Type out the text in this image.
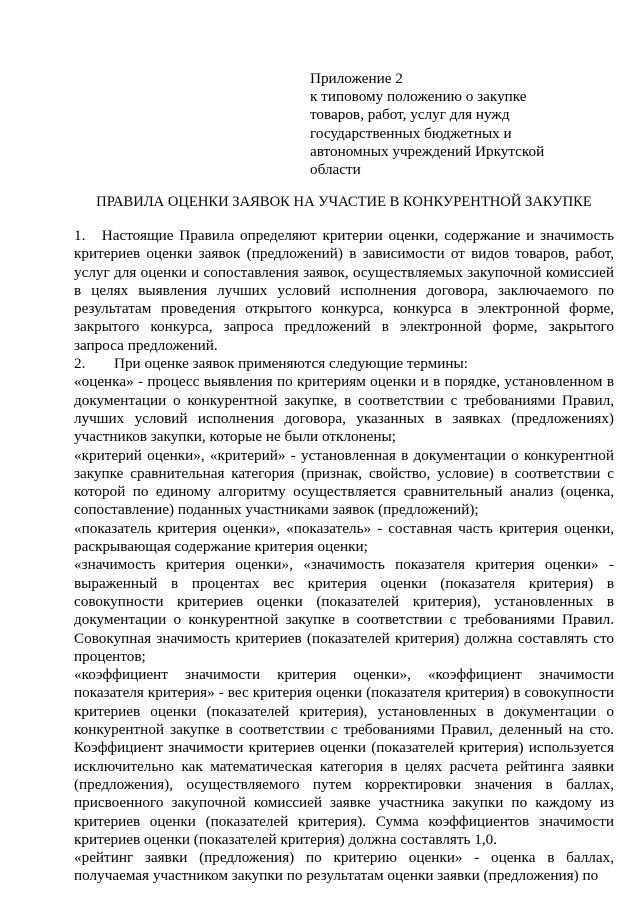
Приложение 2
к типовому положению о закупке
товаров, работ, услуг для нужд
государственных бюджетных и
автономных учреждений Иркутской
области
ПРАВИЛА ОЦЕНКИ ЗАЯВОК НА УЧАСТИЕ В КОНКУРЕНТНОЙ ЗАКУПКЕ

1. Настоящие Правила определяют критерии оценки, содержание и значимость критериев оценки заявок (предложений) в зависимости от видов товаров, работ, услуг для оценки и сопоставления заявок, осуществляемых закупочной комиссией в целях выявления лучших условий исполнения договора, заключаемого по результатам проведения открытого конкурса, конкурса в электронной форме, закрытого конкурса, запроса предложений в электронной форме, закрытого запроса предложений.

2. При оценке заявок применяются следующие термины:

«оценка» - процесс выявления по критериям оценки и в порядке, установленном в документации о конкурентной закупке, в соответствии с требованиями Правил, лучших условий исполнения договора, указанных в заявках (предложениях) участников закупки, которые не были отклонены;

«критерий оценки», «критерий» - установленная в документации о конкурентной закупке сравнительная категория (признак, свойство, условие) в соответствии с которой по единому алгоритму осуществляется сравнительный анализ (оценка, сопоставление) поданных участниками заявок (предложений);

«показатель критерия оценки», «показатель» - составная часть критерия оценки, раскрывающая содержание критерия оценки;

«значимость критерия оценки», «значимость показателя критерия оценки» - выраженный в процентах вес критерия оценки (показателя критерия) в совокупности критериев оценки (показателей критерия), установленных в документации о конкурентной закупке в соответствии с требованиями Правил. Совокупная значимость критериев (показателей критерия) должна составлять сто процентов;

«коэффициент значимости критерия оценки», «коэффициент значимости показателя критерия» - вес критерия оценки (показателя критерия) в совокупности критериев оценки (показателей критерия), установленных в документации о конкурентной закупке в соответствии с требованиями Правил, деленный на сто. Коэффициент значимости критериев оценки (показателей критерия) используется исключительно как математическая категория в целях расчета рейтинга заявки (предложения), осуществляемого путем корректировки значения в баллах, присвоенного закупочной комиссией заявке участника закупки по каждому из критериев оценки (показателей критерия). Сумма коэффициентов значимости критериев оценки (показателей критерия) должна составлять 1,0.

«рейтинг заявки (предложения) по критерию оценки» - оценка в баллах, получаемая участником закупки по результатам оценки заявки (предложения) по
